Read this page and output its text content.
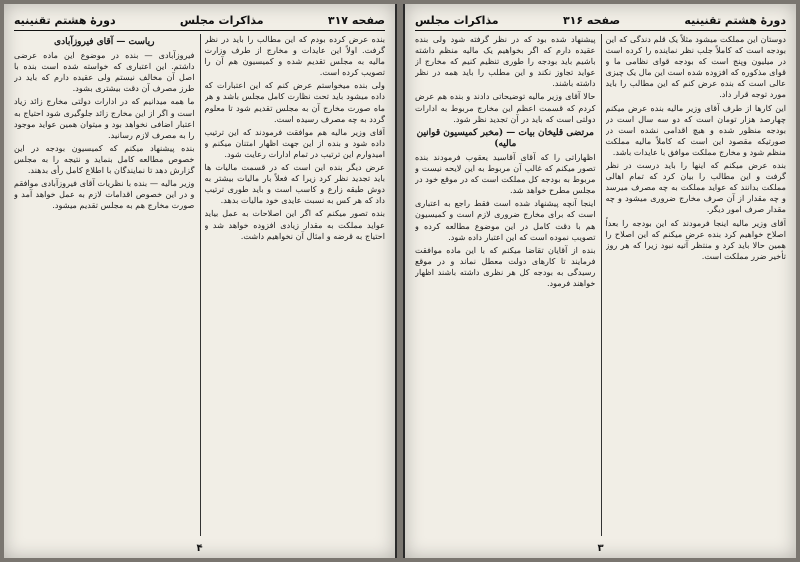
صفحه ۳۱۷
مذاکرات مجلس
دورهٔ هشتم تقنینیه

بنده عرض کرده بودم که این مطالب را باید در نظر گرفت. اولاً این عایدات و مخارج از طرف وزارت مالیه به مجلس تقدیم شده و کمیسیون هم آن را تصویب کرده است.

ولی بنده میخواستم عرض کنم که این اعتبارات که داده میشود باید تحت نظارت کامل مجلس باشد و هر ماه صورت مخارج آن به مجلس تقدیم شود تا معلوم گردد به چه مصرف رسیده است.

آقای وزیر مالیه هم موافقت فرمودند که این ترتیب داده شود و بنده از این جهت اظهار امتنان میکنم و امیدوارم این ترتیب در تمام ادارات رعایت شود.

عرض دیگر بنده این است که در قسمت مالیات ها باید تجدید نظر کرد زیرا که فعلاً بار مالیات بیشتر به دوش طبقه زارع و کاسب است و باید طوری ترتیب داد که هر کس به نسبت عایدی خود مالیات بدهد.

بنده تصور میکنم که اگر این اصلاحات به عمل بیاید عواید مملکت به مقدار زیادی افزوده خواهد شد و احتیاج به قرضه و امثال آن نخواهیم داشت.

ریاست — آقای فیروزآبادی

فیروزآبادی — بنده در موضوع این ماده عرضی داشتم. این اعتباری که خواسته شده است بنده با اصل آن مخالف نیستم ولی عقیده دارم که باید در طرز مصرف آن دقت بیشتری بشود.

ما همه میدانیم که در ادارات دولتی مخارج زائد زیاد است و اگر از این مخارج زائد جلوگیری شود احتیاج به اعتبار اضافی نخواهد بود و میتوان همین عواید موجود را به مصرف لازم رسانید.

بنده پیشنهاد میکنم که کمیسیون بودجه در این خصوص مطالعه کامل بنماید و نتیجه را به مجلس گزارش دهد تا نمایندگان با اطلاع کامل رأی بدهند.

وزیر مالیه — بنده با نظریات آقای فیروزآبادی موافقم و در این خصوص اقدامات لازم به عمل خواهد آمد و صورت مخارج هم به مجلس تقدیم میشود.

۴
دورهٔ هشتم تقنینیه
صفحه ۳۱۶
مذاکرات مجلس

دوستان این مملکت میشود مثلاً یک قلم دندگی که این بودجه است که کاملاً جلب نظر نماینده را کرده است در میلیون وپنج است که بودجه قوای نظامی ما و قوای مذکوره که افزوده شده است این مال یک چیزی عالی است که بنده عرض کنم که این مطالب را باید مورد توجه قرار داد.

این کارها از طرف آقای وزیر مالیه بنده عرض میکنم چهارصد هزار تومان است که دو سه سال است در بودجه منظور شده و هیچ اقدامی نشده است در صورتیکه مقصود این است که کاملاً مالیه مملکت منظم شود و مخارج مملکت موافق با عایدات باشد.

بنده عرض میکنم که اینها را باید درست در نظر گرفت و این مطالب را بیان کرد که تمام اهالی مملکت بدانند که عواید مملکت به چه مصرف میرسد و چه مقدار از آن صرف مخارج ضروری میشود و چه مقدار صرف امور دیگر.

آقای وزیر مالیه اینجا فرمودند که این بودجه را بعداً اصلاح خواهیم کرد بنده عرض میکنم که این اصلاح را همین حالا باید کرد و منتظر آتیه نبود زیرا که هر روز تأخیر ضرر مملکت است.

پیشنهاد شده بود که در نظر گرفته شود ولی بنده عقیده دارم که اگر بخواهیم یک مالیه منظم داشته باشیم باید بودجه را طوری تنظیم کنیم که مخارج از عواید تجاوز نکند و این مطلب را باید همه در نظر داشته باشند.

حالا آقای وزیر مالیه توضیحاتی دادند و بنده هم عرض کردم که قسمت اعظم این مخارج مربوط به ادارات دولتی است که باید در آن تجدید نظر شود.

مرتضی قلیخان بیات — (مخبر کمیسیون قوانین مالیه)

اظهاراتی را که آقای آقاسید یعقوب فرمودند بنده تصور میکنم که غالب آن مربوط به این لایحه نیست و مربوط به بودجه کل مملکت است که در موقع خود در مجلس مطرح خواهد شد.

اینجا آنچه پیشنهاد شده است فقط راجع به اعتباری است که برای مخارج ضروری لازم است و کمیسیون هم با دقت کامل در این موضوع مطالعه کرده و تصویب نموده است که این اعتبار داده شود.

بنده از آقایان تقاضا میکنم که با این ماده موافقت فرمایند تا کارهای دولت معطل نماند و در موقع رسیدگی به بودجه کل هر نظری داشته باشند اظهار خواهند فرمود.

۳
